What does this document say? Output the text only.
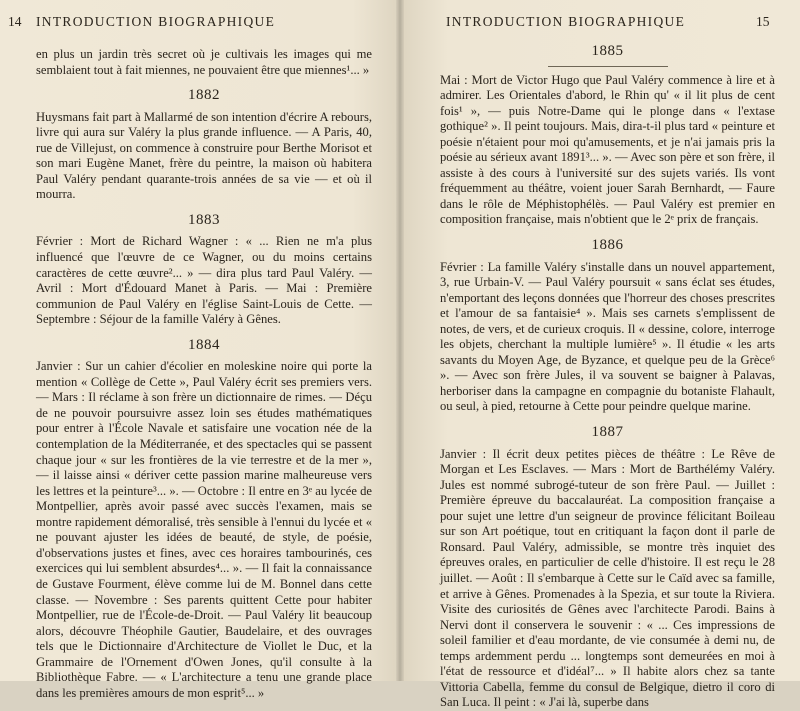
14 INTRODUCTION BIOGRAPHIQUE

en plus un jardin très secret où je cultivais les images qui me semblaient tout à fait miennes, ne pouvaient être que miennes¹... »

1882

Huysmans fait part à Mallarmé de son intention d'écrire A rebours, livre qui aura sur Valéry la plus grande influence. — A Paris, 40, rue de Villejust, on commence à construire pour Berthe Morisot et son mari Eugène Manet, frère du peintre, la maison où habitera Paul Valéry pendant quarante-trois années de sa vie — et où il mourra.

1883

Février : Mort de Richard Wagner : « ... Rien ne m'a plus influencé que l'œuvre de ce Wagner, ou du moins certains caractères de cette œuvre²... » — dira plus tard Paul Valéry. — Avril : Mort d'Édouard Manet à Paris. — Mai : Première communion de Paul Valéry en l'église Saint-Louis de Cette. — Septembre : Séjour de la famille Valéry à Gênes.

1884

Janvier : Sur un cahier d'écolier en moleskine noire qui porte la mention « Collège de Cette », Paul Valéry écrit ses premiers vers. — Mars : Il réclame à son frère un dictionnaire de rimes. — Déçu de ne pouvoir poursuivre assez loin ses études mathématiques pour entrer à l'École Navale et satisfaire une vocation née de la contemplation de la Méditerranée, et des spectacles qui se passent chaque jour « sur les frontières de la vie terrestre et de la mer », — il laisse ainsi « dériver cette passion marine malheureuse vers les lettres et la peinture³... ». — Octobre : Il entre en 3ᵉ au lycée de Montpellier, après avoir passé avec succès l'examen, mais se montre rapidement démoralisé, très sensible à l'ennui du lycée et « ne pouvant ajuster les idées de beauté, de style, de poésie, d'observations justes et fines, avec ces horaires tambourinés, ces exercices qui lui semblent absurdes⁴... ». — Il fait la connaissance de Gustave Fourment, élève comme lui de M. Bonnel dans cette classe. — Novembre : Ses parents quittent Cette pour habiter Montpellier, rue de l'École-de-Droit. — Paul Valéry lit beaucoup alors, découvre Théophile Gautier, Baudelaire, et des ouvrages tels que le Dictionnaire d'Architecture de Viollet le Duc, et la Grammaire de l'Ornement d'Owen Jones, qu'il consulte à la Bibliothèque Fabre. — « L'architecture a tenu une grande place dans les premières amours de mon esprit⁵... »

INTRODUCTION BIOGRAPHIQUE	15
1885

Mai : Mort de Victor Hugo que Paul Valéry commence à lire et à admirer. Les Orientales d'abord, le Rhin qu' « il lit plus de cent fois¹ », — puis Notre-Dame qui le plonge dans « l'extase gothique² ». Il peint toujours. Mais, dira-t-il plus tard « peinture et poésie n'étaient pour moi qu'amusements, et je n'ai jamais pris la poésie au sérieux avant 1891³... ». — Avec son père et son frère, il assiste à des cours à l'université sur des sujets variés. Ils vont fréquemment au théâtre, voient jouer Sarah Bernhardt, — Faure dans le rôle de Méphistophélès. — Paul Valéry est premier en composition française, mais n'obtient que le 2ᵉ prix de français.

1886

Février : La famille Valéry s'installe dans un nouvel appartement, 3, rue Urbain-V. — Paul Valéry poursuit « sans éclat ses études, n'emportant des leçons données que l'horreur des choses prescrites et l'amour de sa fantaisie⁴ ». Mais ses carnets s'emplissent de notes, de vers, et de curieux croquis. Il « dessine, colore, interroge les objets, cherchant la multiple lumière⁵ ». Il étudie « les arts savants du Moyen Age, de Byzance, et quelque peu de la Grèce⁶ ». — Avec son frère Jules, il va souvent se baigner à Palavas, herboriser dans la campagne en compagnie du botaniste Flahault, ou seul, à pied, retourne à Cette pour peindre quelque marine.

1887

Janvier : Il écrit deux petites pièces de théâtre : Le Rêve de Morgan et Les Esclaves. — Mars : Mort de Barthélémy Valéry. Jules est nommé subrogé-tuteur de son frère Paul. — Juillet : Première épreuve du baccalauréat. La composition française a pour sujet une lettre d'un seigneur de province félicitant Boileau sur son Art poétique, tout en critiquant la façon dont il parle de Ronsard. Paul Valéry, admissible, se montre très inquiet des épreuves orales, en particulier de celle d'histoire. Il est reçu le 28 juillet. — Août : Il s'embarque à Cette sur le Caïd avec sa famille, et arrive à Gênes. Promenades à la Spezia, et sur toute la Riviera. Visite des curiosités de Gênes avec l'architecte Parodi. Bains à Nervi dont il conservera le souvenir : « ... Ces impressions de soleil familier et d'eau mordante, de vie consumée à demi nu, de temps ardemment perdu ... longtemps sont demeurées en moi à l'état de ressource et d'idéal⁷... » Il habite alors chez sa tante Vittoria Cabella, femme du consul de Belgique, dietro il coro di San Luca. Il peint : « J'ai là, superbe dans
